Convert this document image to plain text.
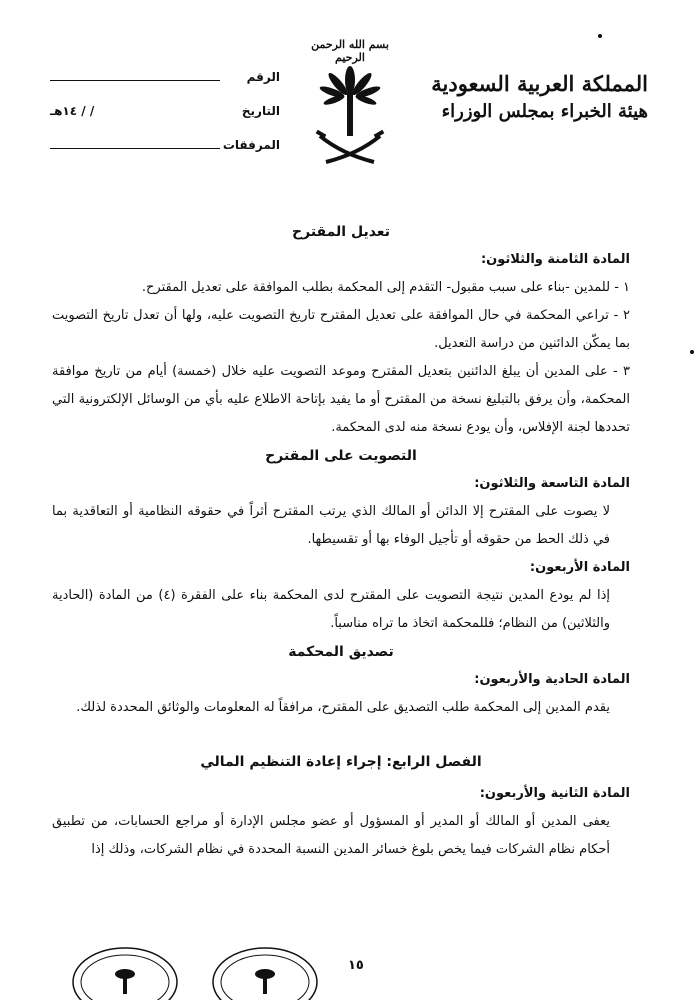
المملكة العربية السعودية
هيئة الخبراء بمجلس الوزراء
بسم الله الرحمن الرحيم
الرقم
التاريخ
/ / ١٤هـ
المرفقات
تعديل المقترح
المادة الثامنة والثلاثون:
١ - للمدين -بناء على سبب مقبول- التقدم إلى المحكمة بطلب الموافقة على تعديل المقترح.
٢ - تراعي المحكمة في حال الموافقة على تعديل المقترح تاريخ التصويت عليه، ولها أن تعدل تاريخ التصويت بما يمكّن الدائنين من دراسة التعديل.
٣ - على المدين أن يبلغ الدائنين بتعديل المقترح وموعد التصويت عليه خلال (خمسة) أيام من تاريخ موافقة المحكمة، وأن يرفق بالتبليغ نسخة من المقترح أو ما يفيد بإتاحة الاطلاع عليه بأي من الوسائل الإلكترونية التي تحددها لجنة الإفلاس، وأن يودع نسخة منه لدى المحكمة.
التصويت على المقترح
المادة التاسعة والثلاثون:
لا يصوت على المقترح إلا الدائن أو المالك الذي يرتب المقترح أثراً في حقوقه النظامية أو التعاقدية بما في ذلك الحط من حقوقه أو تأجيل الوفاء بها أو تقسيطها.
المادة الأربعون:
إذا لم يودع المدين نتيجة التصويت على المقترح لدى المحكمة بناء على الفقرة (٤) من المادة (الحادية والثلاثين) من النظام؛ فللمحكمة اتخاذ ما تراه مناسباً.
تصديق المحكمة
المادة الحادية والأربعون:
يقدم المدين إلى المحكمة طلب التصديق على المقترح، مرافقاً له المعلومات والوثائق المحددة لذلك.
الفصل الرابع: إجراء إعادة التنظيم المالي
المادة الثانية والأربعون:
يعفى المدين أو المالك أو المدير أو المسؤول أو عضو مجلس الإدارة أو مراجع الحسابات، من تطبيق أحكام نظام الشركات فيما يخص بلوغ خسائر المدين النسبة المحددة في نظام الشركات، وذلك إذا
١٥
